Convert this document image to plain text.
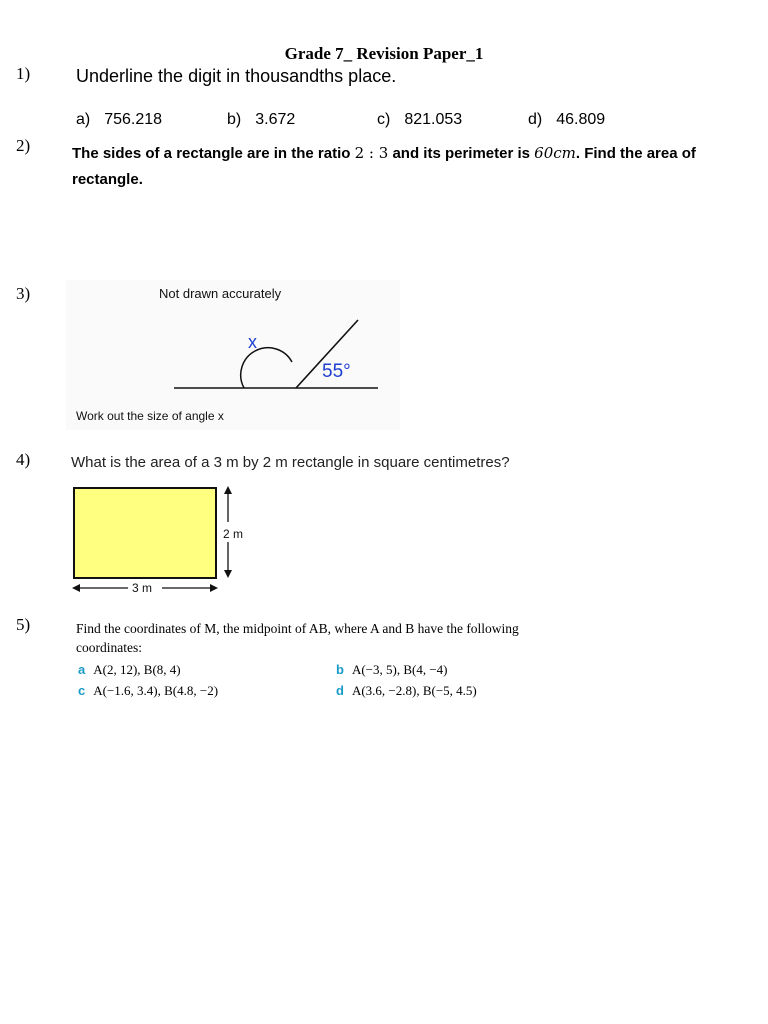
Grade 7_ Revision Paper_1
1)	Underline the digit in thousandths place.
a) 756.218	b) 3.672	c) 821.053	d) 46.809
2)	The sides of a rectangle are in the ratio 2 : 3 and its perimeter is 60cm. Find the area of rectangle.
3)	Not drawn accurately
x
55°
Work out the size of angle x
4)	What is the area of a 3 m by 2 m rectangle in square centimetres?
2 m
3 m
5)	Find the coordinates of M, the midpoint of AB, where A and B have the following coordinates:
a A(2, 12), B(8, 4)	b A(−3, 5), B(4, −4)
c A(−1.6, 3.4), B(4.8, −2)	d A(3.6, −2.8), B(−5, 4.5)
